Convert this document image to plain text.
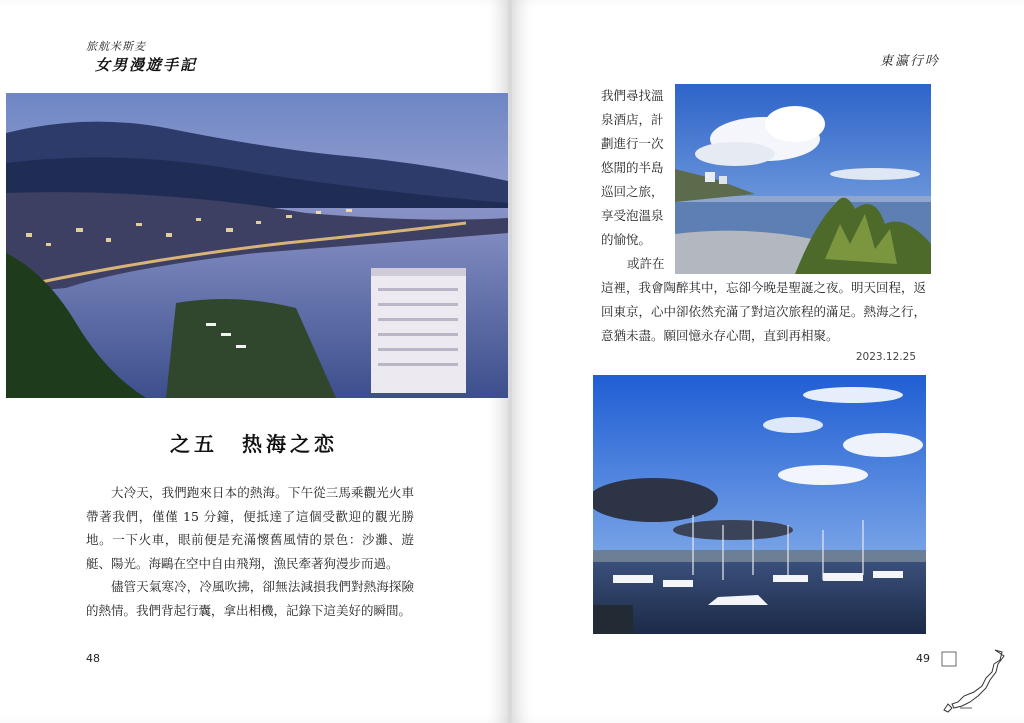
旅航米斯麦
女男漫遊手記
之五　热海之恋

大冷天，我們跑來日本的熱海。下午從三馬乘觀光火車帶著我們，僅僅 15 分鐘，便抵達了這個受歡迎的觀光勝地。一下火車，眼前便是充滿懷舊風情的景色：沙灘、遊艇、陽光。海鷗在空中自由飛翔，漁民牽著狗漫步而過。

儘管天氣寒冷，冷風吹拂，卻無法減損我們對熱海探險的熱情。我們背起行囊，拿出相機，記錄下這美好的瞬間。

48
東瀛行吟
我們尋找溫
泉酒店，計
劃進行一次
悠閒的半島
巡回之旅，
享受泡溫泉
的愉悅。
或許在
這裡，我會陶醉其中，忘卻今晚是聖誕之夜。明天回程，返
回東京，心中卻依然充滿了對這次旅程的滿足。熱海之行，
意猶未盡。願回憶永存心間，直到再相聚。
2023.12.25
49
